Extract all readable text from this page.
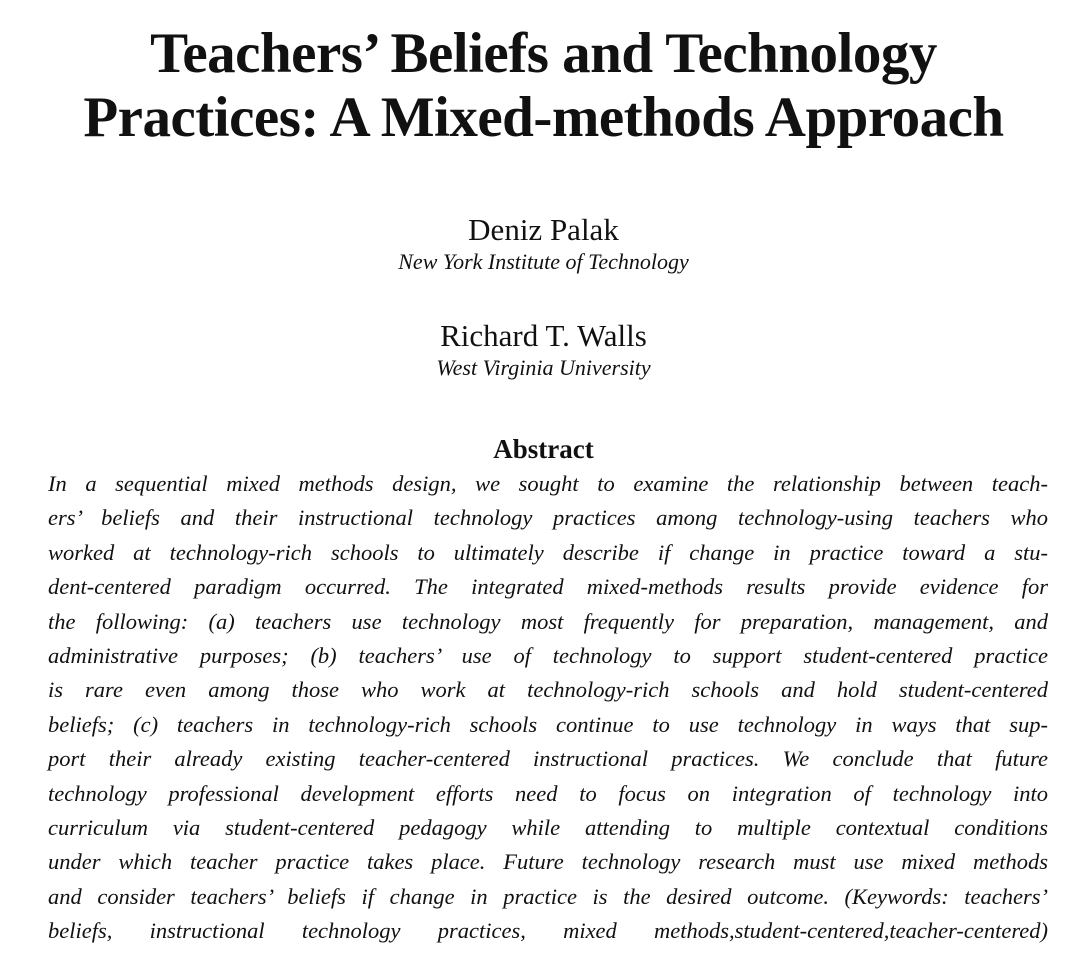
Teachers’ Beliefs and Technology
Practices: A Mixed-methods Approach
Deniz Palak
New York Institute of Technology
Richard T. Walls
West Virginia University
Abstract
In a sequential mixed methods design, we sought to examine the relationship between teach-
ers’ beliefs and their instructional technology practices among technology-using teachers who
worked at technology-rich schools to ultimately describe if change in practice toward a stu-
dent-centered paradigm occurred. The integrated mixed-methods results provide evidence for
the following: (a) teachers use technology most frequently for preparation, management, and
administrative purposes; (b) teachers’ use of technology to support student-centered practice
is rare even among those who work at technology-rich schools and hold student-centered
beliefs; (c) teachers in technology-rich schools continue to use technology in ways that sup-
port their already existing teacher-centered instructional practices. We conclude that future
technology professional development efforts need to focus on integration of technology into
curriculum via student-centered pedagogy while attending to multiple contextual conditions
under which teacher practice takes place. Future technology research must use mixed methods
and consider teachers’ beliefs if change in practice is the desired outcome. (Keywords: teachers’
beliefs, instructional technology practices, mixed methods,student-centered,teacher-centered)
